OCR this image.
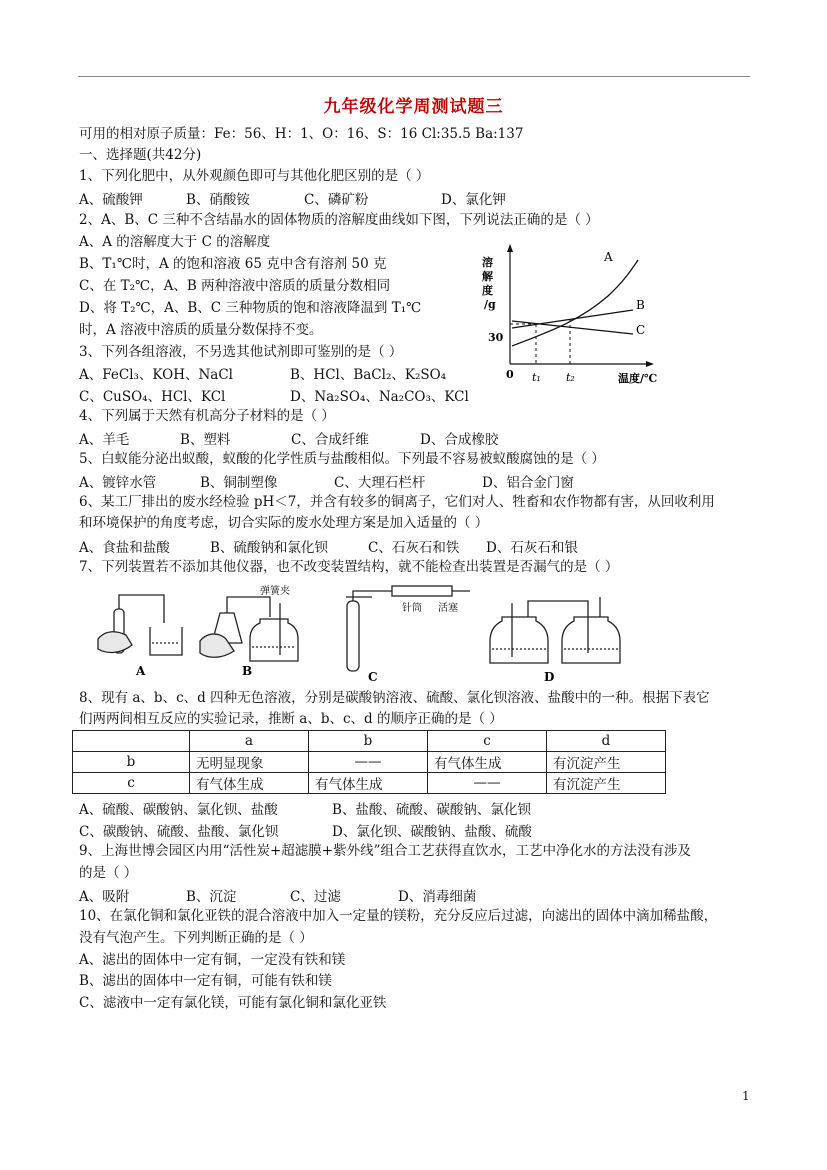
九年级化学周测试题三
可用的相对原子质量：Fe：56、H：1、O：16、S：16 Cl:35.5 Ba:137
一、选择题(共42分)
1、下列化肥中，从外观颜色即可与其他化肥区别的是（ ）
A、硫酸钾	B、硝酸铵	C、磷矿粉	D、氯化钾
2、A、B、C 三种不含结晶水的固体物质的溶解度曲线如下图，下列说法正确的是（ ）
A、A 的溶解度大于 C 的溶解度
B、T₁℃时，A 的饱和溶液 65 克中含有溶剂 50 克
C、在 T₂℃，A、B 两种溶液中溶质的质量分数相同
D、将 T₂℃，A、B、C 三种物质的饱和溶液降温到 T₁℃
时，A 溶液中溶质的质量分数保持不变。
溶
解
度
/g
30
0 t₁ t₂	温度/℃
A
B
C
3、下列各组溶液，不另选其他试剂即可鉴别的是（ ）
A、FeCl₃、KOH、NaCl	B、HCl、BaCl₂、K₂SO₄
C、CuSO₄、HCl、KCl	D、Na₂SO₄、Na₂CO₃、KCl
4、下列属于天然有机高分子材料的是（ ）
A、羊毛	B、塑料	C、合成纤维	D、合成橡胶
5、白蚁能分泌出蚁酸，蚁酸的化学性质与盐酸相似。下列最不容易被蚁酸腐蚀的是（ ）
A、镀锌水管	B、铜制塑像	C、大理石栏杆	D、铝合金门窗
6、某工厂排出的废水经检验 pH＜7，并含有较多的铜离子，它们对人、牲畜和农作物都有害，从回收利用
和环境保护的角度考虑，切合实际的废水处理方案是加入适量的（ ）
A、食盐和盐酸	B、硫酸钠和氯化钡	C、石灰石和铁 D、石灰石和银
7、下列装置若不添加其他仪器，也不改变装置结构，就不能检查出装置是否漏气的是（ ）
A	B
弹簧夹
C
针筒 活塞
D
8、现有 a、b、c、d 四种无色溶液，分别是碳酸钠溶液、硫酸、氯化钡溶液、盐酸中的一种。根据下表它
们两两间相互反应的实验记录，推断 a、b、c、d 的顺序正确的是（ ）
	a	b	c	d
b	无明显现象	——	有气体生成	有沉淀产生
c	有气体生成	有气体生成	——	有沉淀产生
A、硫酸、碳酸钠、氯化钡、盐酸	B、盐酸、硫酸、碳酸钠、氯化钡
C、碳酸钠、硫酸、盐酸、氯化钡	D、氯化钡、碳酸钠、盐酸、硫酸
9、上海世博会园区内用“活性炭+超滤膜+紫外线”组合工艺获得直饮水，工艺中净化水的方法没有涉及
的是（ ）
A、吸附	B、沉淀	C、过滤	D、消毒细菌
10、在氯化铜和氯化亚铁的混合溶液中加入一定量的镁粉，充分反应后过滤，向滤出的固体中滴加稀盐酸，
没有气泡产生。下列判断正确的是（ ）
A、滤出的固体中一定有铜，一定没有铁和镁
B、滤出的固体中一定有铜，可能有铁和镁
C、滤液中一定有氯化镁，可能有氯化铜和氯化亚铁
1
